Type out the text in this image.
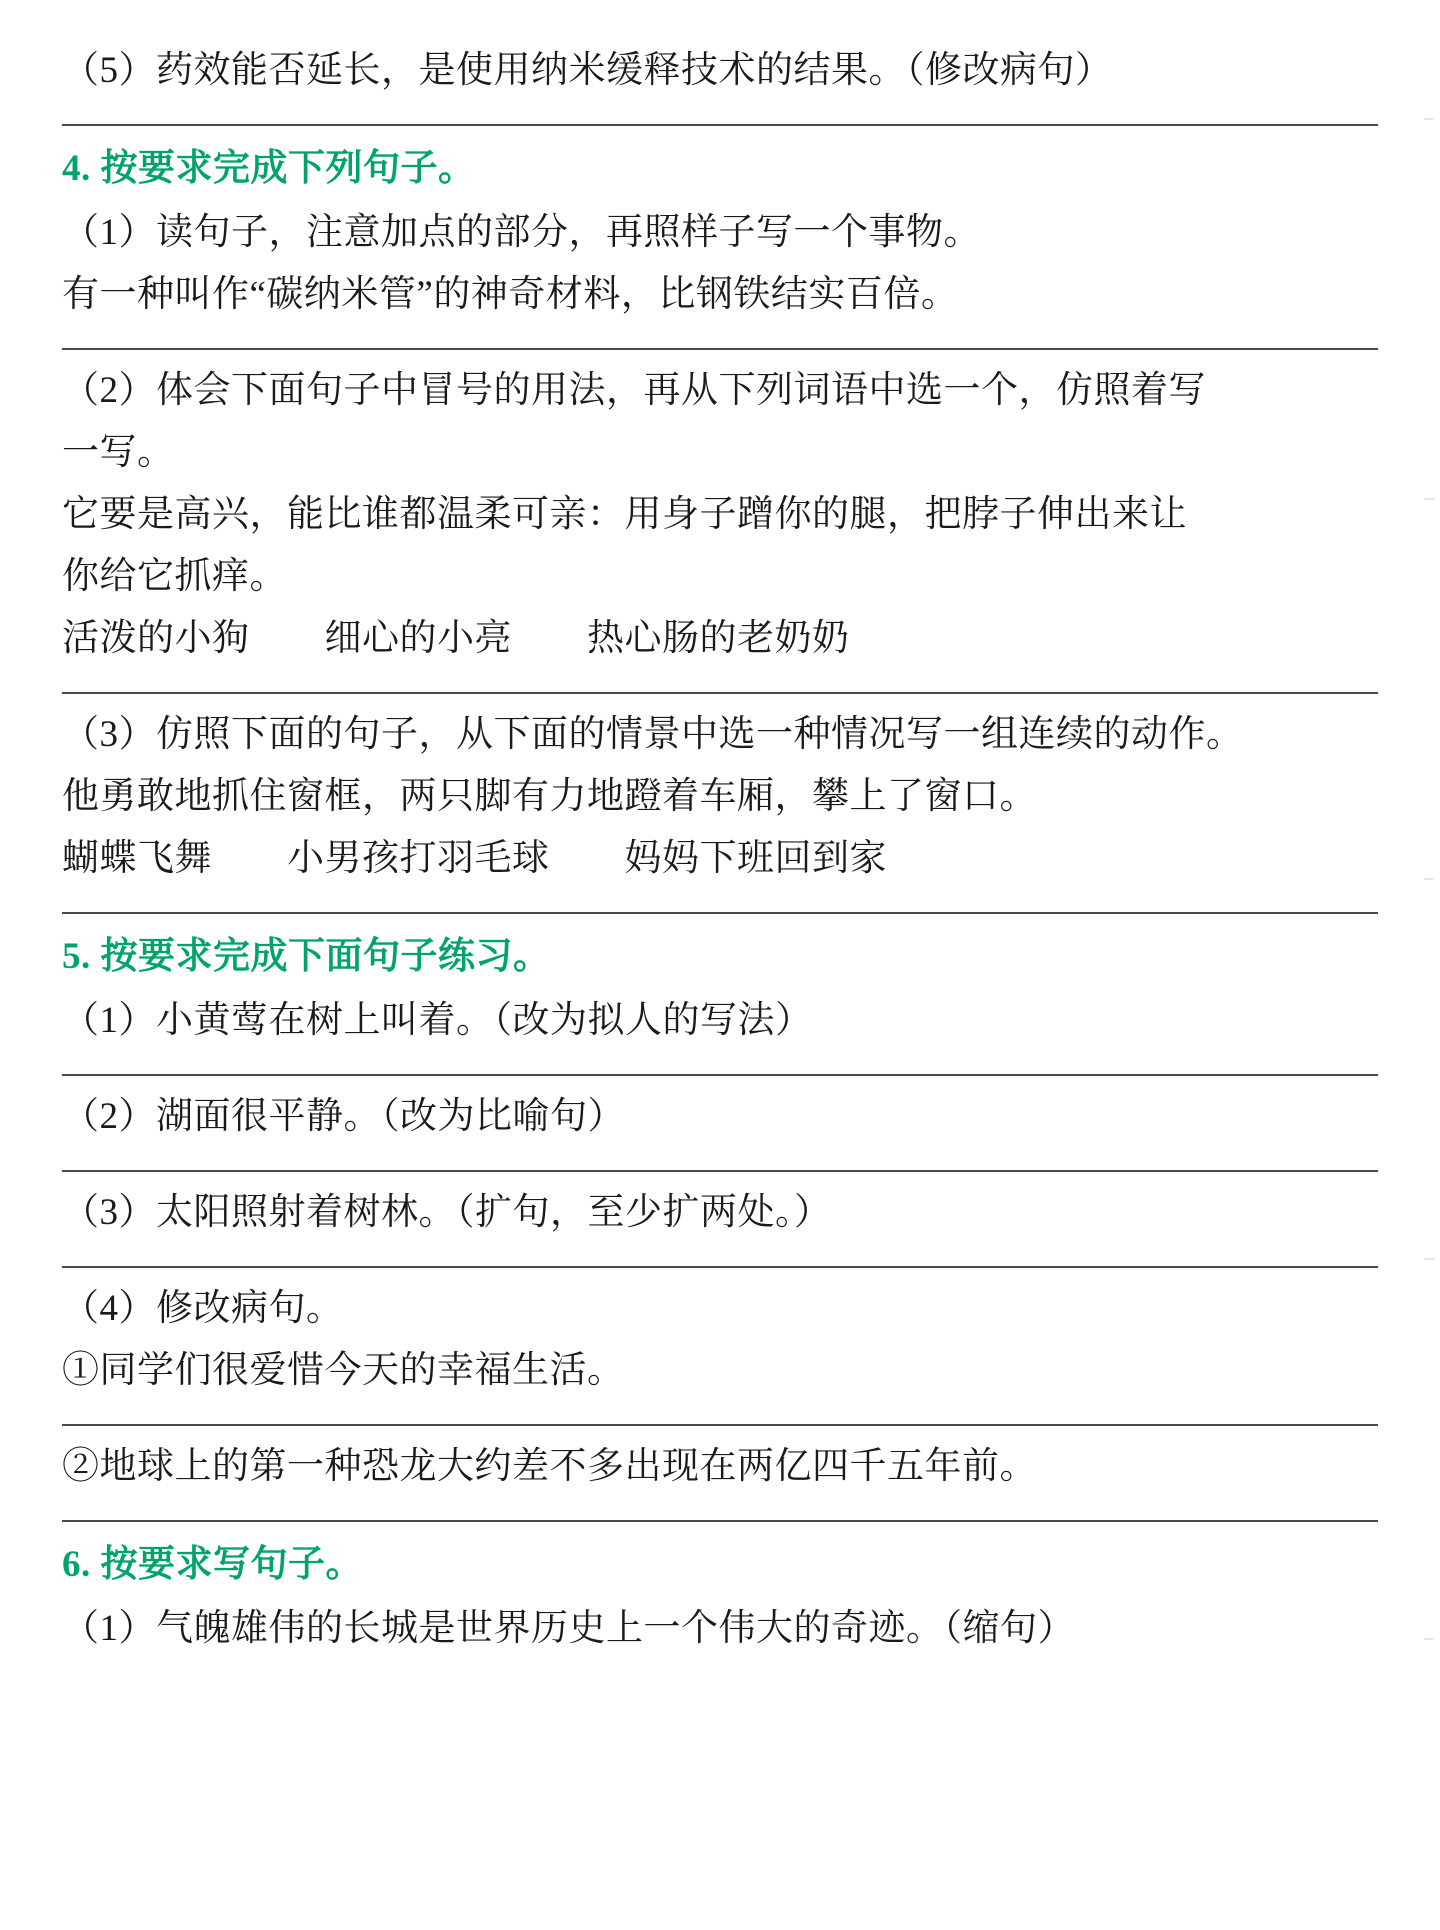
（5）药效能否延长，是使用纳米缓释技术的结果。（修改病句）
4. 按要求完成下列句子。
（1）读句子，注意加点的部分，再照样子写一个事物。
有一种叫作“碳纳米管”的神奇材料，比钢铁结实百倍。
（2）体会下面句子中冒号的用法，再从下列词语中选一个，仿照着写
一写。
它要是高兴，能比谁都温柔可亲：用身子蹭你的腿，把脖子伸出来让
你给它抓痒。
活泼的小狗　　细心的小亮　　热心肠的老奶奶
（3）仿照下面的句子，从下面的情景中选一种情况写一组连续的动作。
他勇敢地抓住窗框，两只脚有力地蹬着车厢，攀上了窗口。
蝴蝶飞舞　　小男孩打羽毛球　　妈妈下班回到家
5. 按要求完成下面句子练习。
（1）小黄莺在树上叫着。（改为拟人的写法）
（2）湖面很平静。（改为比喻句）
（3）太阳照射着树林。（扩句，至少扩两处。）
（4）修改病句。
①同学们很爱惜今天的幸福生活。
②地球上的第一种恐龙大约差不多出现在两亿四千五年前。
6. 按要求写句子。
（1）气魄雄伟的长城是世界历史上一个伟大的奇迹。（缩句）
